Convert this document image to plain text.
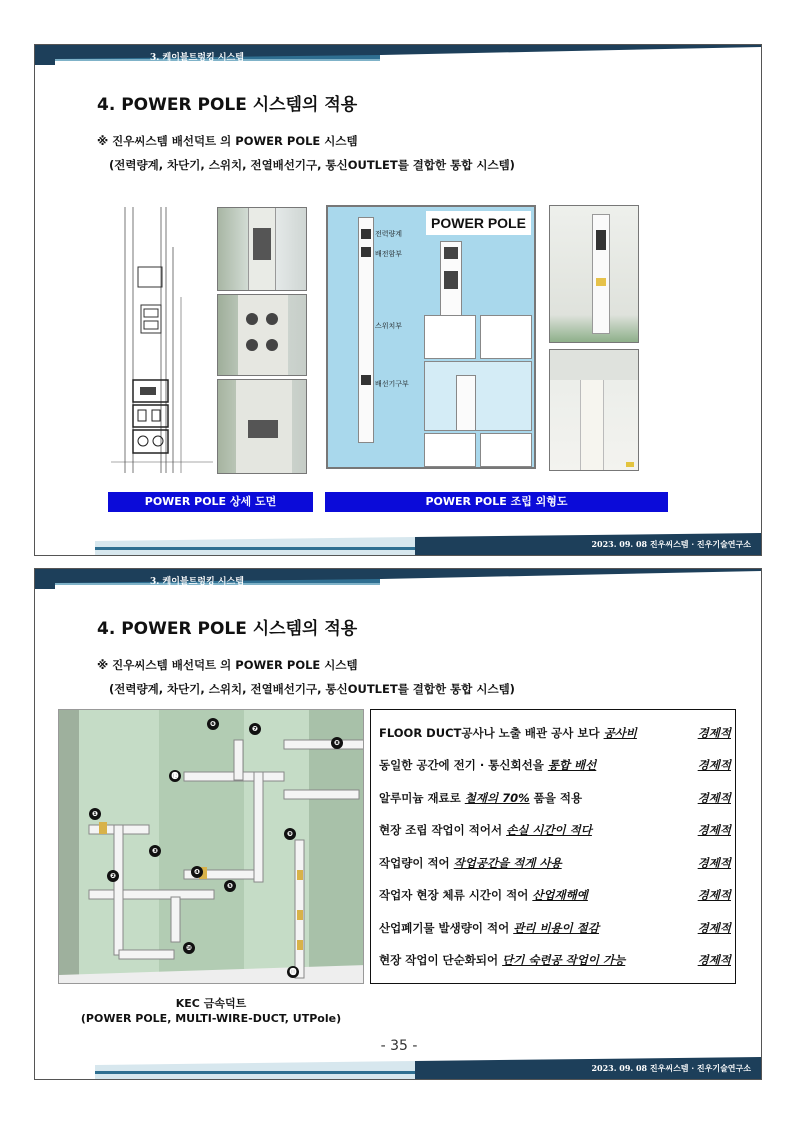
3. 케이블트렁킹 시스템
4. POWER POLE 시스템의 적용
※ 진우씨스템 배선덕트 의 POWER POLE 시스템
(전력량계, 차단기, 스위치, 전열배선기구, 통신OUTLET를 결합한 통합 시스템)
POWER POLE
전력량계
배전함부
스위치부
배선기구부
POWER POLE 상세 도면	POWER POLE 조립 외형도
2023. 09. 08 진우씨스템 · 진우기술연구소
3. 케이블트렁킹 시스템
4. POWER POLE 시스템의 적용
※ 진우씨스템 배선덕트 의 POWER POLE 시스템
(전력량계, 차단기, 스위치, 전열배선기구, 통신OUTLET를 결합한 통합 시스템)
❶
❷
❸
❹
❺
❻
❼
❽
❾
❿
⓫
⓬
FLOOR DUCT공사나 노출 배관 공사 보다 공사비	경제적
동일한 공간에 전기 · 통신회선을 통합 배선	경제적
알루미늄 재료로 철재의 70% 품을 적용	경제적
현장 조립 작업이 적어서 손실 시간이 적다	경제적
작업량이 적어 작업공간을 적게 사용	경제적
작업자 현장 체류 시간이 적어 산업재해예	경제적
산업폐기물 발생량이 적어 관리 비용이 절감	경제적
현장 작업이 단순화되어 단기 숙련공 작업이 가능	경제적
KEC 금속덕트
(POWER POLE, MULTI-WIRE-DUCT, UTPole)
- 35 -
2023. 09. 08 진우씨스템 · 진우기술연구소
